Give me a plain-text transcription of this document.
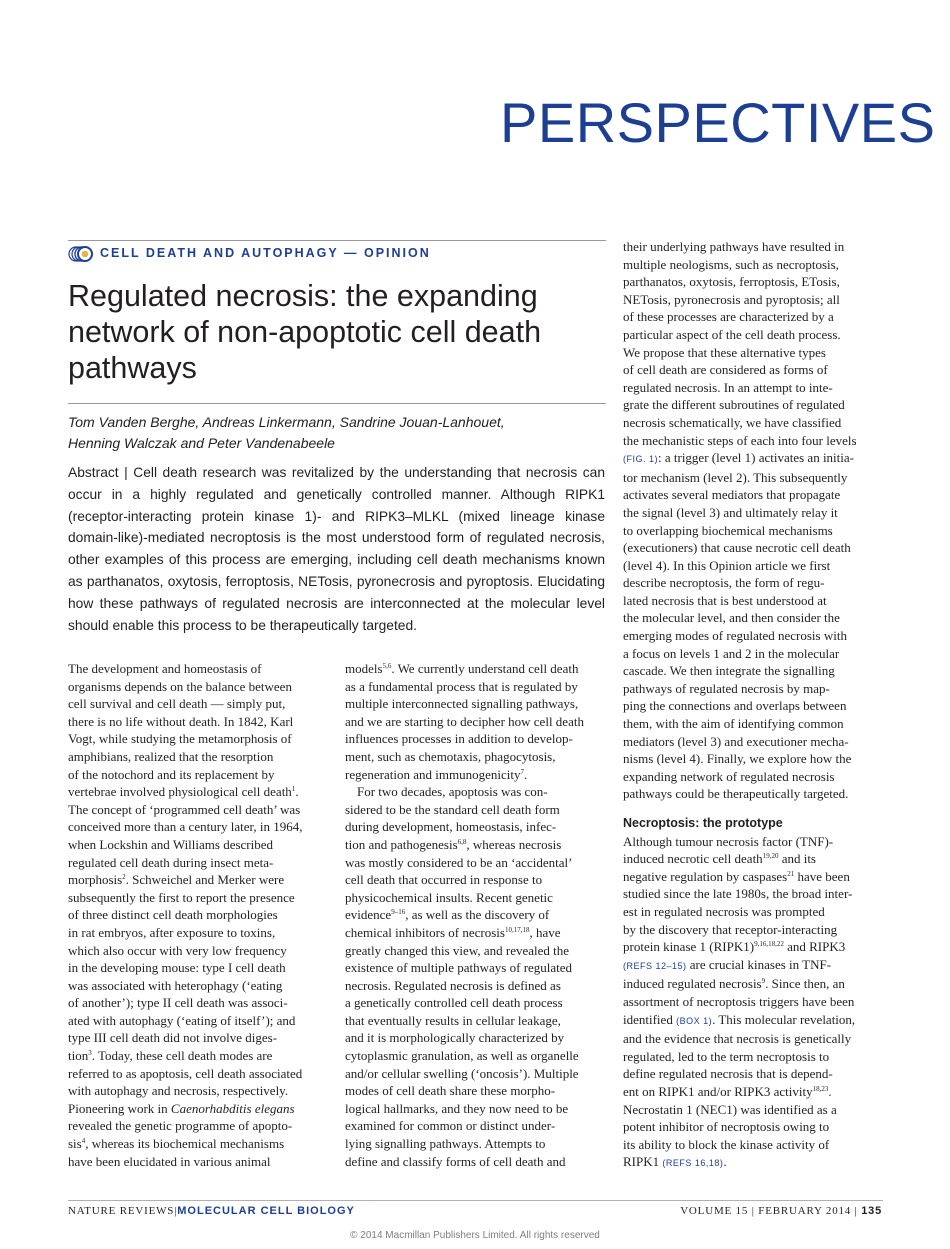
PERSPECTIVES
CELL DEATH AND AUTOPHAGY — OPINION
Regulated necrosis: the expanding
network of non-apoptotic cell death
pathways
Tom Vanden Berghe, Andreas Linkermann, Sandrine Jouan-Lanhouet,
Henning Walczak and Peter Vandenabeele
Abstract | Cell death research was revitalized by the understanding that necrosis can occur in a highly regulated and genetically controlled manner. Although RIPK1 (receptor-interacting protein kinase 1)- and RIPK3–MLKL (mixed lineage kinase domain-like)-mediated necroptosis is the most understood form of regulated necrosis, other examples of this process are emerging, including cell death mechanisms known as parthanatos, oxytosis, ferroptosis, NETosis, pyronecrosis and pyroptosis. Elucidating how these pathways of regulated necrosis are interconnected at the molecular level should enable this process to be therapeutically targeted.
The development and homeostasis of
organisms depends on the balance between
cell survival and cell death — simply put,
there is no life without death. In 1842, Karl
Vogt, while studying the metamorphosis of
amphibians, realized that the resorption
of the notochord and its replacement by
vertebrae involved physiological cell death$^1$.
The concept of ‘programmed cell death’ was
conceived more than a century later, in 1964,
when Lockshin and Williams described
regulated cell death during insect meta-
morphosis$^2$. Schweichel and Merker were
subsequently the first to report the presence
of three distinct cell death morphologies
in rat embryos, after exposure to toxins,
which also occur with very low frequency
in the developing mouse: type I cell death
was associated with heterophagy (‘eating
of another’); type II cell death was associ-
ated with autophagy (‘eating of itself’); and
type III cell death did not involve diges-
tion$^3$. Today, these cell death modes are
referred to as apoptosis, cell death associated
with autophagy and necrosis, respectively.
Pioneering work in Caenorhabditis elegans
revealed the genetic programme of apopto-
sis$^4$, whereas its biochemical mechanisms
have been elucidated in various animal
models$^{5,6}$. We currently understand cell death
as a fundamental process that is regulated by
multiple interconnected signalling pathways,
and we are starting to decipher how cell death
influences processes in addition to develop-
ment, such as chemotaxis, phagocytosis,
regeneration and immunogenicity$^7$.
For two decades, apoptosis was con-
sidered to be the standard cell death form
during development, homeostasis, infec-
tion and pathogenesis$^{6,8}$, whereas necrosis
was mostly considered to be an ‘accidental’
cell death that occurred in response to
physicochemical insults. Recent genetic
evidence$^{9-16}$, as well as the discovery of
chemical inhibitors of necrosis$^{10,17,18}$, have
greatly changed this view, and revealed the
existence of multiple pathways of regulated
necrosis. Regulated necrosis is defined as
a genetically controlled cell death process
that eventually results in cellular leakage,
and it is morphologically characterized by
cytoplasmic granulation, as well as organelle
and/or cellular swelling (‘oncosis’). Multiple
modes of cell death share these morpho-
logical hallmarks, and they now need to be
examined for common or distinct under-
lying signalling pathways. Attempts to
define and classify forms of cell death and
their underlying pathways have resulted in
multiple neologisms, such as necroptosis,
parthanatos, oxytosis, ferroptosis, ETosis,
NETosis, pyronecrosis and pyroptosis; all
of these processes are characterized by a
particular aspect of the cell death process.
We propose that these alternative types
of cell death are considered as forms of
regulated necrosis. In an attempt to inte-
grate the different subroutines of regulated
necrosis schematically, we have classified
the mechanistic steps of each into four levels
(FIG. 1): a trigger (level 1) activates an initia-
tor mechanism (level 2). This subsequently
activates several mediators that propagate
the signal (level 3) and ultimately relay it
to overlapping biochemical mechanisms
(executioners) that cause necrotic cell death
(level 4). In this Opinion article we first
describe necroptosis, the form of regu-
lated necrosis that is best understood at
the molecular level, and then consider the
emerging modes of regulated necrosis with
a focus on levels 1 and 2 in the molecular
cascade. We then integrate the signalling
pathways of regulated necrosis by map-
ping the connections and overlaps between
them, with the aim of identifying common
mediators (level 3) and executioner mecha-
nisms (level 4). Finally, we explore how the
expanding network of regulated necrosis
pathways could be therapeutically targeted.

Necroptosis: the prototype
Although tumour necrosis factor (TNF)-
induced necrotic cell death$^{19,20}$ and its
negative regulation by caspases$^{21}$ have been
studied since the late 1980s, the broad inter-
est in regulated necrosis was prompted
by the discovery that receptor-interacting
protein kinase 1 (RIPK1)$^{9,16,18,22}$ and RIPK3
(REFS 12–15) are crucial kinases in TNF-
induced regulated necrosis$^9$. Since then, an
assortment of necroptosis triggers have been
identified (BOX 1). This molecular revelation,
and the evidence that necrosis is genetically
regulated, led to the term necroptosis to
define regulated necrosis that is depend-
ent on RIPK1 and/or RIPK3 activity$^{18,23}$.
Necrostatin 1 (NEC1) was identified as a
potent inhibitor of necroptosis owing to
its ability to block the kinase activity of
RIPK1 (REFS 16,18).
NATURE REVIEWS|MOLECULAR CELL BIOLOGY	VOLUME 15 | FEBRUARY 2014 | 135
© 2014 Macmillan Publishers Limited. All rights reserved
